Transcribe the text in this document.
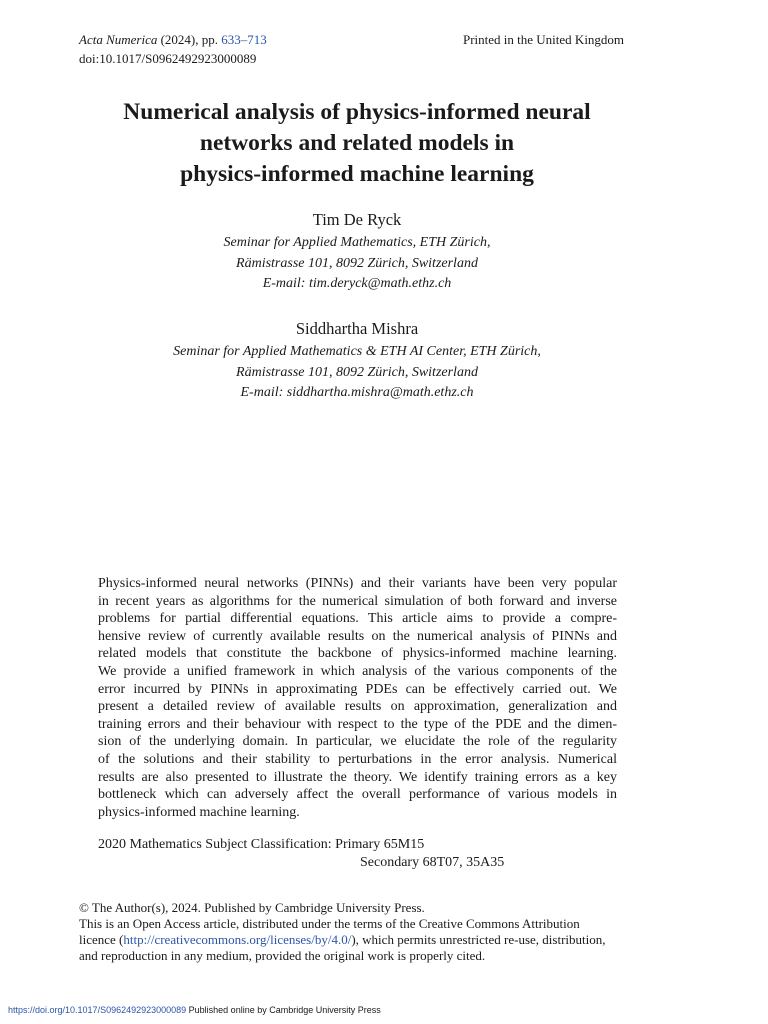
Acta Numerica (2024), pp. 633–713	Printed in the United Kingdom
doi:10.1017/S0962492923000089
Numerical analysis of physics-informed neural
networks and related models in
physics-informed machine learning
Tim De Ryck
Seminar for Applied Mathematics, ETH Zürich,
Rämistrasse 101, 8092 Zürich, Switzerland
E-mail: tim.deryck@math.ethz.ch
Siddhartha Mishra
Seminar for Applied Mathematics & ETH AI Center, ETH Zürich,
Rämistrasse 101, 8092 Zürich, Switzerland
E-mail: siddhartha.mishra@math.ethz.ch
Physics-informed neural networks (PINNs) and their variants have been very popular
in recent years as algorithms for the numerical simulation of both forward and inverse
problems for partial differential equations. This article aims to provide a compre-
hensive review of currently available results on the numerical analysis of PINNs and
related models that constitute the backbone of physics-informed machine learning.
We provide a unified framework in which analysis of the various components of the
error incurred by PINNs in approximating PDEs can be effectively carried out. We
present a detailed review of available results on approximation, generalization and
training errors and their behaviour with respect to the type of the PDE and the dimen-
sion of the underlying domain. In particular, we elucidate the role of the regularity
of the solutions and their stability to perturbations in the error analysis. Numerical
results are also presented to illustrate the theory. We identify training errors as a key
bottleneck which can adversely affect the overall performance of various models in
physics-informed machine learning.
2020 Mathematics Subject Classification: Primary 65M15
Secondary 68T07, 35A35
© The Author(s), 2024. Published by Cambridge University Press.
This is an Open Access article, distributed under the terms of the Creative Commons Attribution
licence (http://creativecommons.org/licenses/by/4.0/), which permits unrestricted re-use, distribution,
and reproduction in any medium, provided the original work is properly cited.
https://doi.org/10.1017/S0962492923000089 Published online by Cambridge University Press
